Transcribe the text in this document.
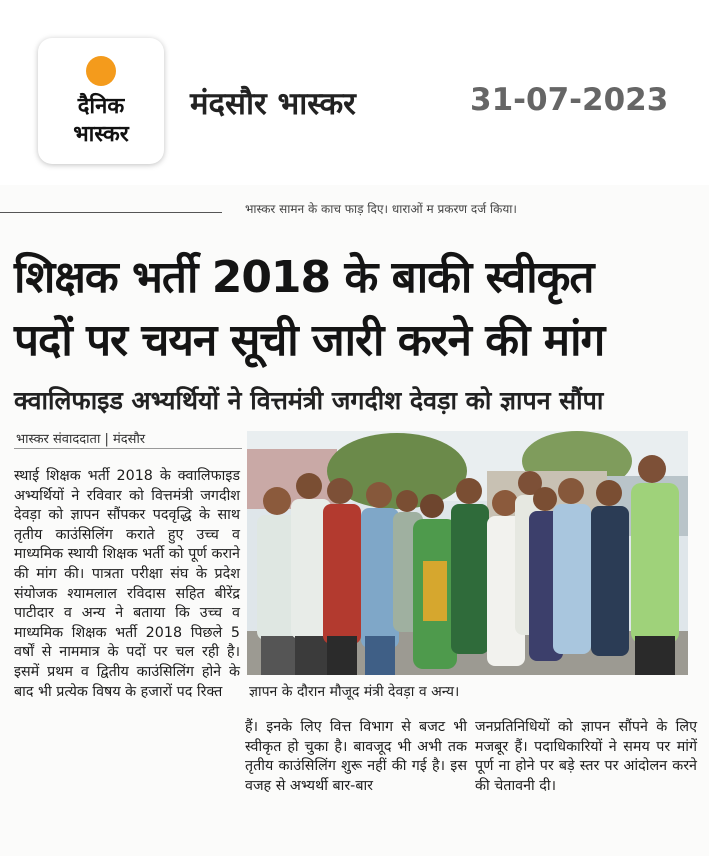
दैनिक
भास्कर
मंदसौर भास्कर	31-07-2023
भास्कर सामन के काच फाड़ दिए। धाराओं म प्रकरण दर्ज किया।
शिक्षक भर्ती 2018 के बाकी स्वीकृत
पदों पर चयन सूची जारी करने की मांग
क्वालिफाइड अभ्यर्थियों ने वित्तमंत्री जगदीश देवड़ा को ज्ञापन सौंपा
भास्कर संवाददाता | मंदसौर
स्थाई शिक्षक भर्ती 2018 के क्वालिफाइड अभ्यर्थियों ने रविवार को वित्तमंत्री जगदीश देवड़ा को ज्ञापन सौंपकर पदवृद्धि के साथ तृतीय काउंसिलिंग कराते हुए उच्च व माध्यमिक स्थायी शिक्षक भर्ती को पूर्ण कराने की मांग की। पात्रता परीक्षा संघ के प्रदेश संयोजक श्यामलाल रविदास सहित बीरेंद्र पाटीदार व अन्य ने बताया कि उच्च व माध्यमिक शिक्षक भर्ती 2018 पिछले 5 वर्षों से नाममात्र के पदों पर चल रही है। इसमें प्रथम व द्वितीय काउंसिलिंग होने के बाद भी प्रत्येक विषय के हजारों पद रिक्त	ज्ञापन के दौरान मौजूद मंत्री देवड़ा व अन्य।
हैं। इनके लिए वित्त विभाग से बजट भी स्वीकृत हो चुका है। बावजूद भी अभी तक तृतीय काउंसिलिंग शुरू नहीं की गई है। इस वजह से अभ्यर्थी बार-बार
जनप्रतिनिधियों को ज्ञापन सौंपने के लिए मजबूर हैं। पदाधिकारियों ने समय पर मांगें पूर्ण ना होने पर बड़े स्तर पर आंदोलन करने की चेतावनी दी।
